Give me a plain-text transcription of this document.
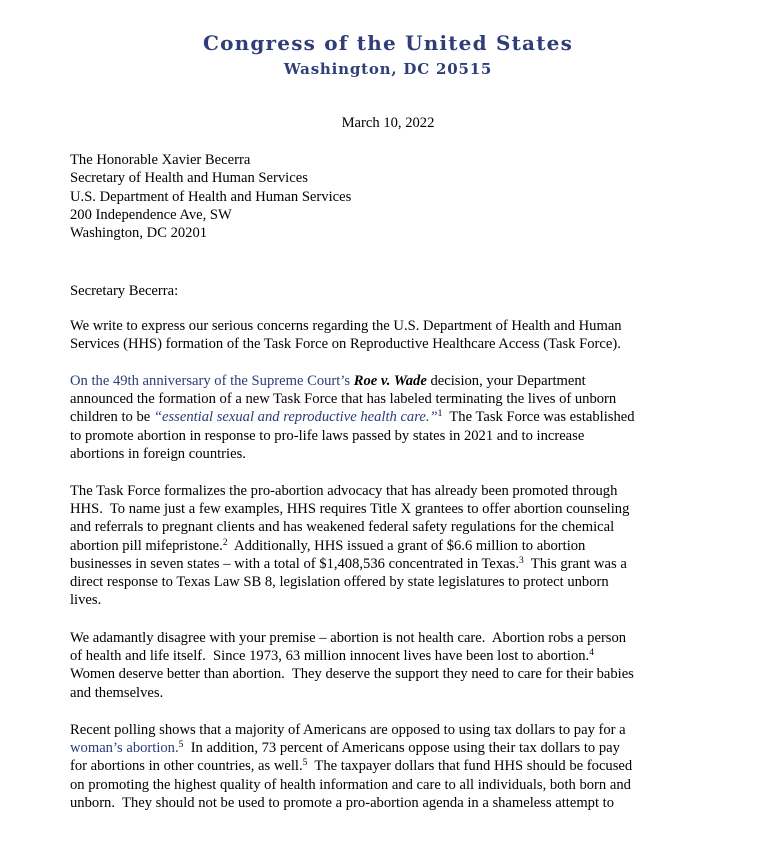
Congress of the United States
Washington, DC 20515
March 10, 2022
The Honorable Xavier Becerra
Secretary of Health and Human Services
U.S. Department of Health and Human Services
200 Independence Ave, SW
Washington, DC 20201
Secretary Becerra:
We write to express our serious concerns regarding the U.S. Department of Health and Human
Services (HHS) formation of the Task Force on Reproductive Healthcare Access (Task Force).
On the 49th anniversary of the Supreme Court’s Roe v. Wade decision, your Department
announced the formation of a new Task Force that has labeled terminating the lives of unborn
children to be “essential sexual and reproductive health care.”$^1$  The Task Force was established
to promote abortion in response to pro-life laws passed by states in 2021 and to increase
abortions in foreign countries.
The Task Force formalizes the pro-abortion advocacy that has already been promoted through
HHS.  To name just a few examples, HHS requires Title X grantees to offer abortion counseling
and referrals to pregnant clients and has weakened federal safety regulations for the chemical
abortion pill mifepristone.$^2$  Additionally, HHS issued a grant of $6.6 million to abortion
businesses in seven states – with a total of $1,408,536 concentrated in Texas.$^3$  This grant was a
direct response to Texas Law SB 8, legislation offered by state legislatures to protect unborn
lives.
We adamantly disagree with your premise – abortion is not health care.  Abortion robs a person
of health and life itself.  Since 1973, 63 million innocent lives have been lost to abortion.$^4$
Women deserve better than abortion.  They deserve the support they need to care for their babies
and themselves.
Recent polling shows that a majority of Americans are opposed to using tax dollars to pay for a
woman’s abortion.$^5$  In addition, 73 percent of Americans oppose using their tax dollars to pay
for abortions in other countries, as well.$^5$  The taxpayer dollars that fund HHS should be focused
on promoting the highest quality of health information and care to all individuals, both born and
unborn.  They should not be used to promote a pro-abortion agenda in a shameless attempt to
